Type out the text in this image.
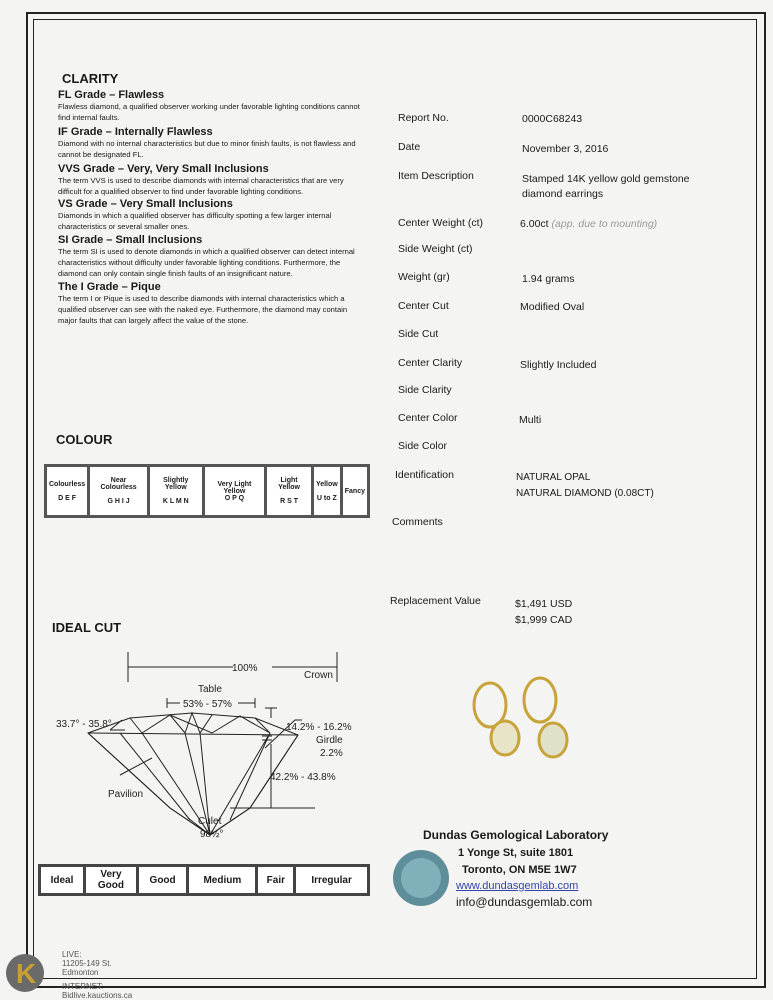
CLARITY
FL Grade – Flawless
Flawless diamond, a qualified observer working under favorable lighting conditions cannot find internal faults.
IF Grade – Internally Flawless
Diamond with no internal characteristics but due to minor finish faults, is not flawless and cannot be designated FL.
VVS Grade – Very, Very Small Inclusions
The term VVS is used to describe diamonds with internal characteristics that are very difficult for a qualified observer to find under favorable lighting conditions.
VS Grade – Very Small Inclusions
Diamonds in which a qualified observer has difficulty spotting a few larger internal characteristics or several smaller ones.
SI Grade – Small Inclusions
The term SI is used to denote diamonds in which a qualified observer can detect internal characteristics without difficulty under favorable lighting conditions. Furthermore, the diamond can only contain single finish faults of an insignificant nature.
The I Grade – Pique
The term I or Pique is used to describe diamonds with internal characteristics which a qualified observer can see with the naked eye. Furthermore, the diamond may contain major faults that can largely affect the value of the stone.
COLOUR
Colourless

D E F

Near Colourless

G H I J

Slightly Yellow

K L M N

Very Light Yellow
O P Q

Light Yellow

R S T

Yellow

U to Z

Fancy
IDEAL CUT
100%
Table
53% - 57%
Crown
33.7° - 35.8°	14.2% - 16.2%
Girdle
2.2%
42.2% - 43.8%
Pavilion
Culet
98½°
Ideal	Very Good	Good	Medium	Fair	Irregular
Report No.	0000C68243
Date	November 3, 2016
Item Description	Stamped 14K yellow gold gemstone diamond earrings
Center Weight (ct)	6.00ct (app. due to mounting)
Side Weight (ct)
Weight (gr)	1.94 grams
Center Cut	Modified Oval
Side Cut
Center Clarity	Slightly Included
Side Clarity
Center Color	Multi
Side Color
Identification	NATURAL OPAL
NATURAL DIAMOND (0.08CT)
Comments
Replacement Value	$1,491 USD
$1,999 CAD
Dundas Gemological Laboratory
1 Yonge St, suite 1801
Toronto, ON M5E 1W7
www.dundasgemlab.com
info@dundasgemlab.com
K
LIVE:
11205-149 St.
Edmonton
INTERNET:
Bidlive.kauctions.ca
